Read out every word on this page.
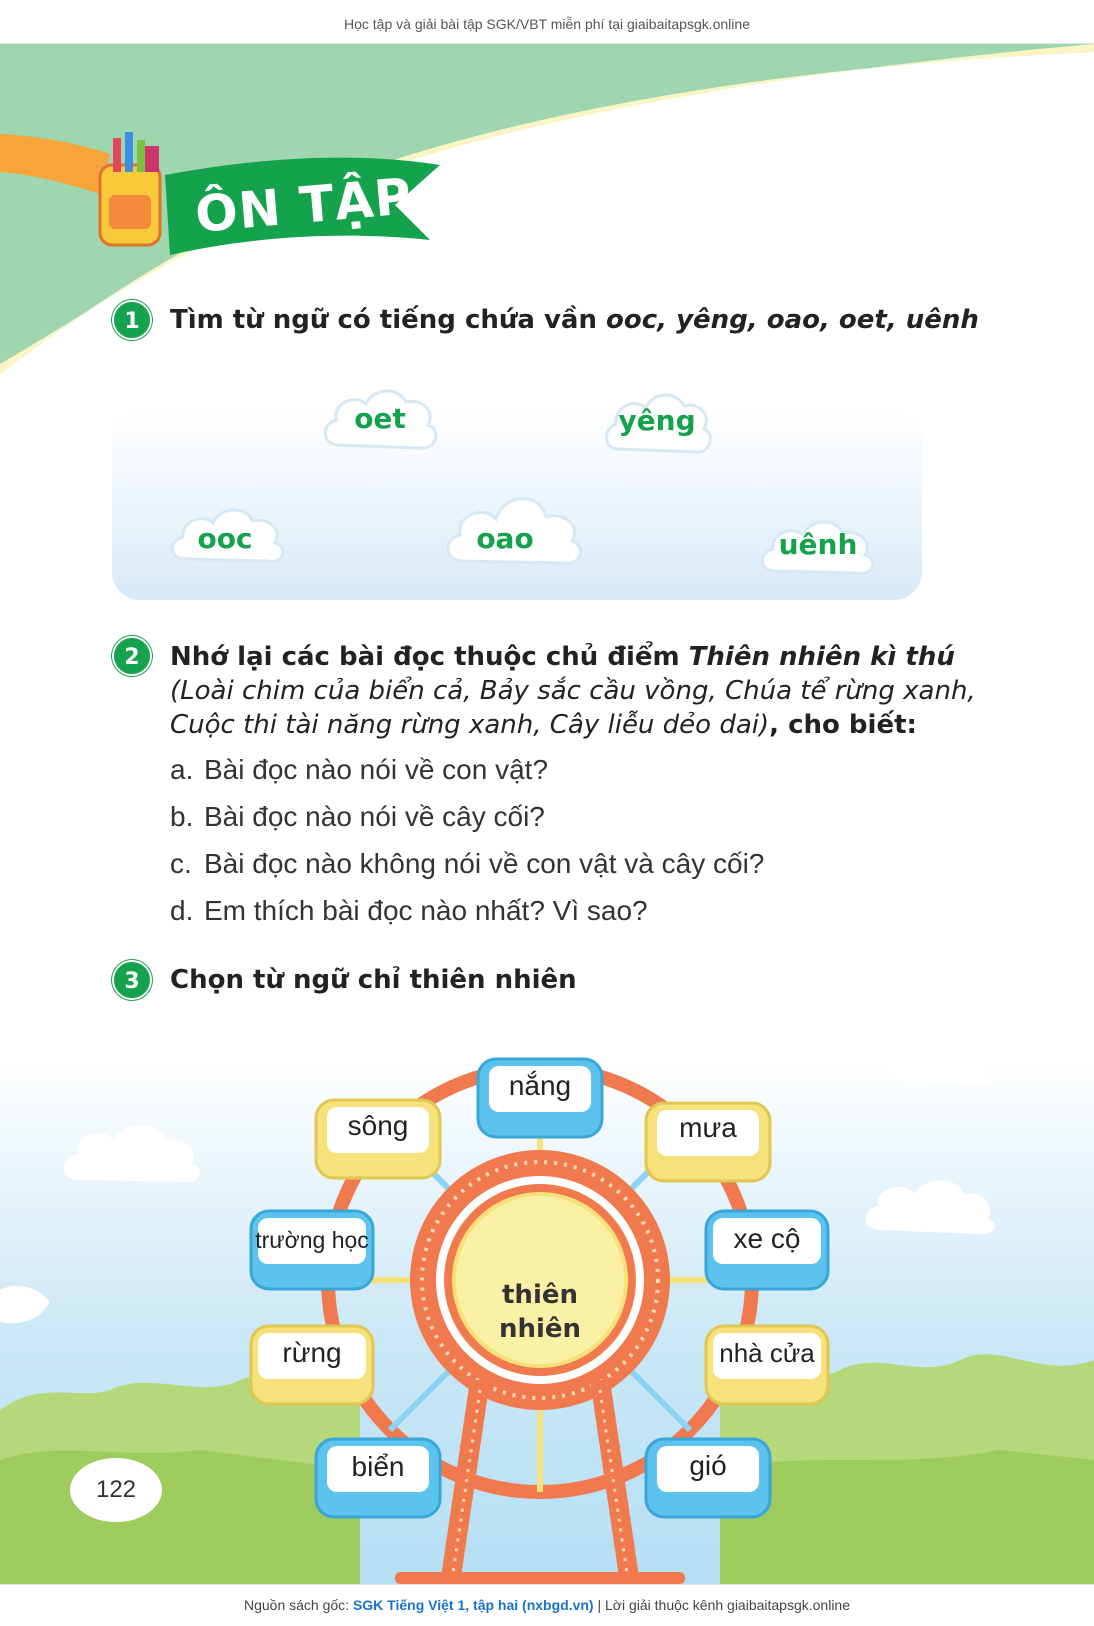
Học tập và giải bài tập SGK/VBT miễn phí tại giaibaitapsgk.online
ÔN TẬP
1	Tìm từ ngữ có tiếng chứa vần ooc, yêng, oao, oet, uênh
oet	yêng
ooc	oao	uênh
2	Nhớ lại các bài đọc thuộc chủ điểm Thiên nhiên kì thú (Loài chim của biển cả, Bảy sắc cầu vồng, Chúa tể rừng xanh, Cuộc thi tài năng rừng xanh, Cây liễu dẻo dai), cho biết:
a. Bài đọc nào nói về con vật?
b. Bài đọc nào nói về cây cối?
c. Bài đọc nào không nói về con vật và cây cối?
d. Em thích bài đọc nào nhất? Vì sao?
3	Chọn từ ngữ chỉ thiên nhiên
nắng
sông	mưa
trường học	xe cộ
rừng	nhà cửa
biển	gió
thiên
nhiên
122
Nguồn sách gốc: SGK Tiếng Việt 1, tập hai (nxbgd.vn) | Lời giải thuộc kênh giaibaitapsgk.online
